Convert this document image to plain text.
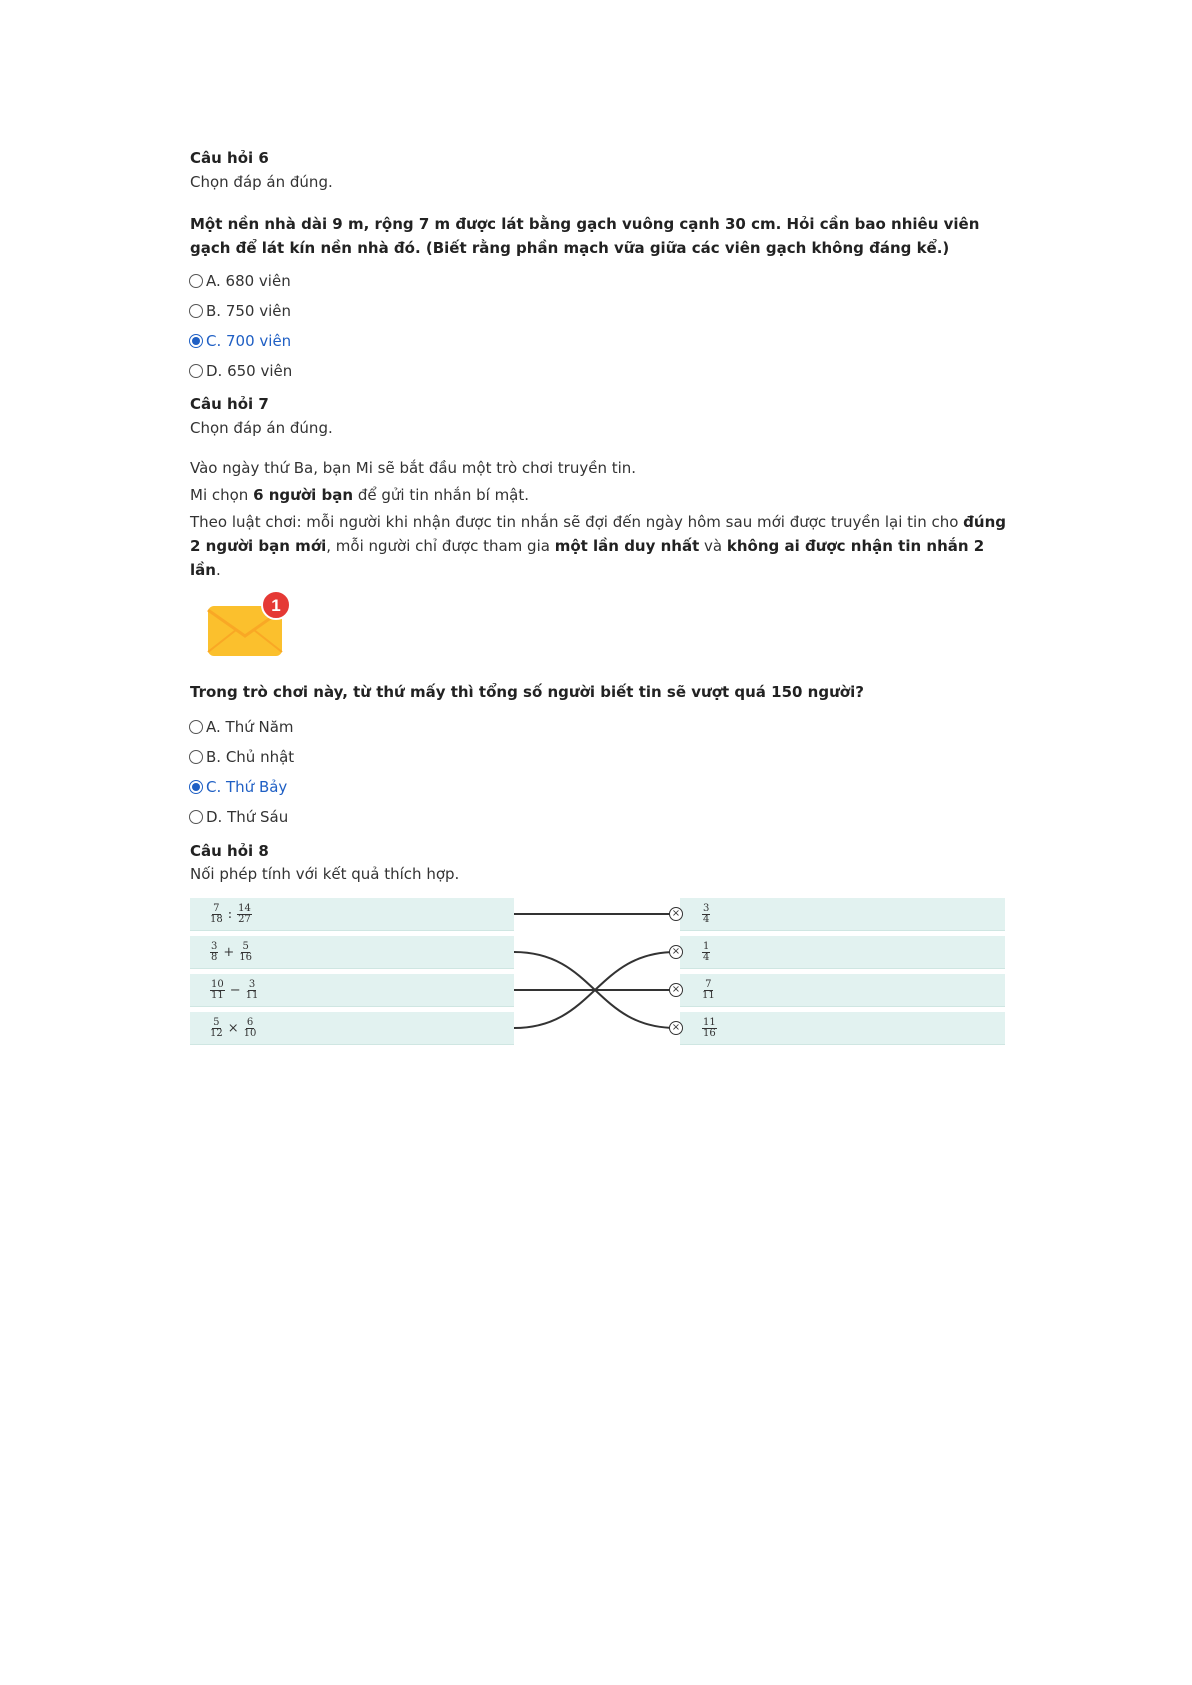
Câu hỏi 6
Chọn đáp án đúng.

Một nền nhà dài 9 m, rộng 7 m được lát bằng gạch vuông cạnh 30 cm. Hỏi cần bao nhiêu viên gạch để lát kín nền nhà đó. (Biết rằng phần mạch vữa giữa các viên gạch không đáng kể.)

A. 680 viên
B. 750 viên
C. 700 viên
D. 650 viên
Câu hỏi 7
Chọn đáp án đúng.

Vào ngày thứ Ba, bạn Mi sẽ bắt đầu một trò chơi truyền tin.

Mi chọn 6 người bạn để gửi tin nhắn bí mật.

Theo luật chơi: mỗi người khi nhận được tin nhắn sẽ đợi đến ngày hôm sau mới được truyền lại tin cho đúng 2 người bạn mới, mỗi người chỉ được tham gia một lần duy nhất và không ai được nhận tin nhắn 2 lần.

1

Trong trò chơi này, từ thứ mấy thì tổng số người biết tin sẽ vượt quá 150 người?

A. Thứ Năm
B. Chủ nhật
C. Thứ Bảy
D. Thứ Sáu
Câu hỏi 8
Nối phép tính với kết quả thích hợp.
$\frac{7}{18}$ : $\frac{14}{27}$
$\frac{3}{8} + \frac{5}{16}$
$\frac{10}{11} - \frac{3}{11}$
$\frac{5}{12} \times \frac{6}{10}$
$\frac{3}{4}$
$\frac{1}{4}$
$\frac{7}{11}$
$\frac{11}{16}$
×
×
×
×
